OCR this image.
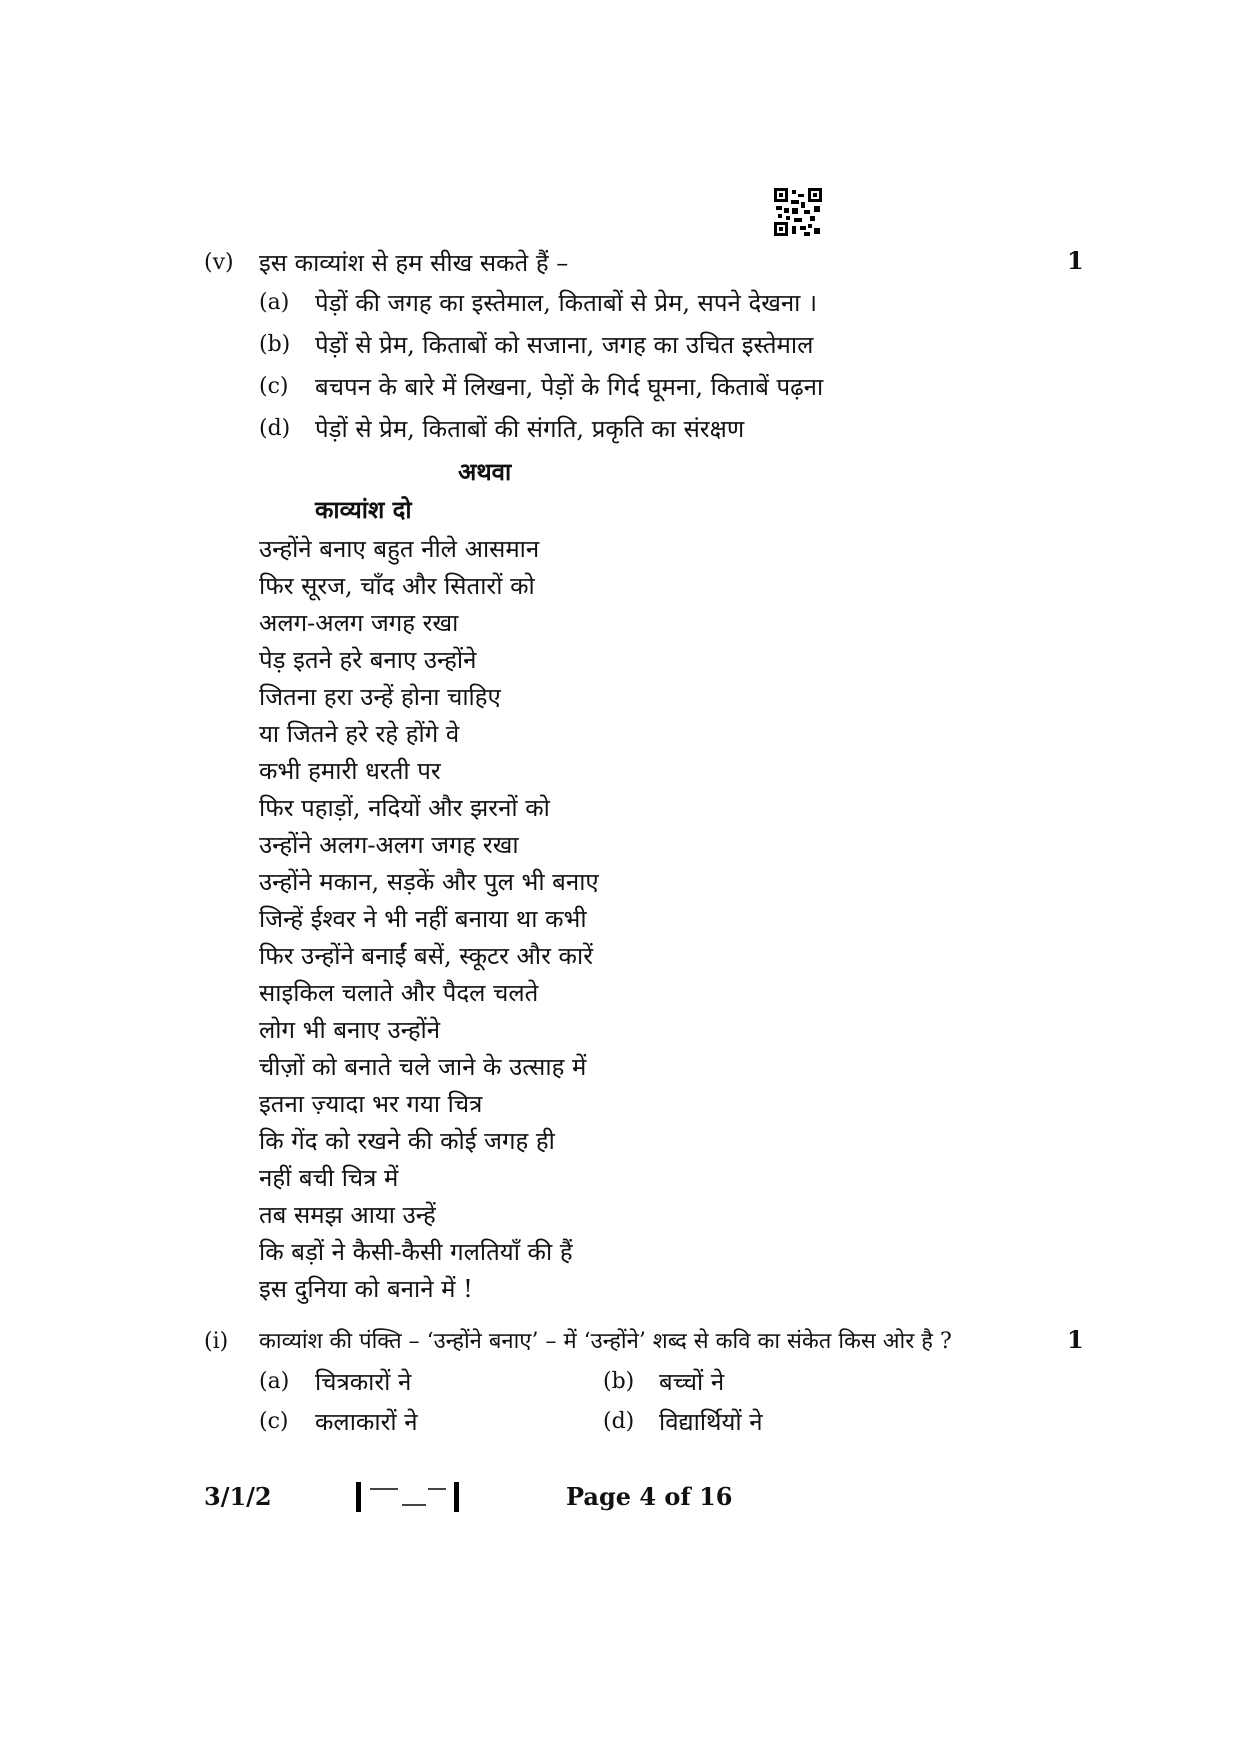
(v) इस काव्यांश से हम सीख सकते हैं –	1
(a) पेड़ों की जगह का इस्तेमाल, किताबों से प्रेम, सपने देखना ।
(b) पेड़ों से प्रेम, किताबों को सजाना, जगह का उचित इस्तेमाल
(c) बचपन के बारे में लिखना, पेड़ों के गिर्द घूमना, किताबें पढ़ना
(d) पेड़ों से प्रेम, किताबों की संगति, प्रकृति का संरक्षण
अथवा
काव्यांश दो
उन्होंने बनाए बहुत नीले आसमान
फिर सूरज, चाँद और सितारों को
अलग-अलग जगह रखा
पेड़ इतने हरे बनाए उन्होंने
जितना हरा उन्हें होना चाहिए
या जितने हरे रहे होंगे वे
कभी हमारी धरती पर
फिर पहाड़ों, नदियों और झरनों को
उन्होंने अलग-अलग जगह रखा
उन्होंने मकान, सड़कें और पुल भी बनाए
जिन्हें ईश्वर ने भी नहीं बनाया था कभी
फिर उन्होंने बनाईं बसें, स्कूटर और कारें
साइकिल चलाते और पैदल चलते
लोग भी बनाए उन्होंने
चीज़ों को बनाते चले जाने के उत्साह में
इतना ज़्यादा भर गया चित्र
कि गेंद को रखने की कोई जगह ही
नहीं बची चित्र में
तब समझ आया उन्हें
कि बड़ों ने कैसी-कैसी गलतियाँ की हैं
इस दुनिया को बनाने में !
(i) काव्यांश की पंक्ति – ‘उन्होंने बनाए’ – में ‘उन्होंने’ शब्द से कवि का संकेत किस ओर है ?	1
(a) चित्रकारों ने	(b) बच्चों ने
(c) कलाकारों ने	(d) विद्यार्थियों ने
3/1/2	Page 4 of 16
